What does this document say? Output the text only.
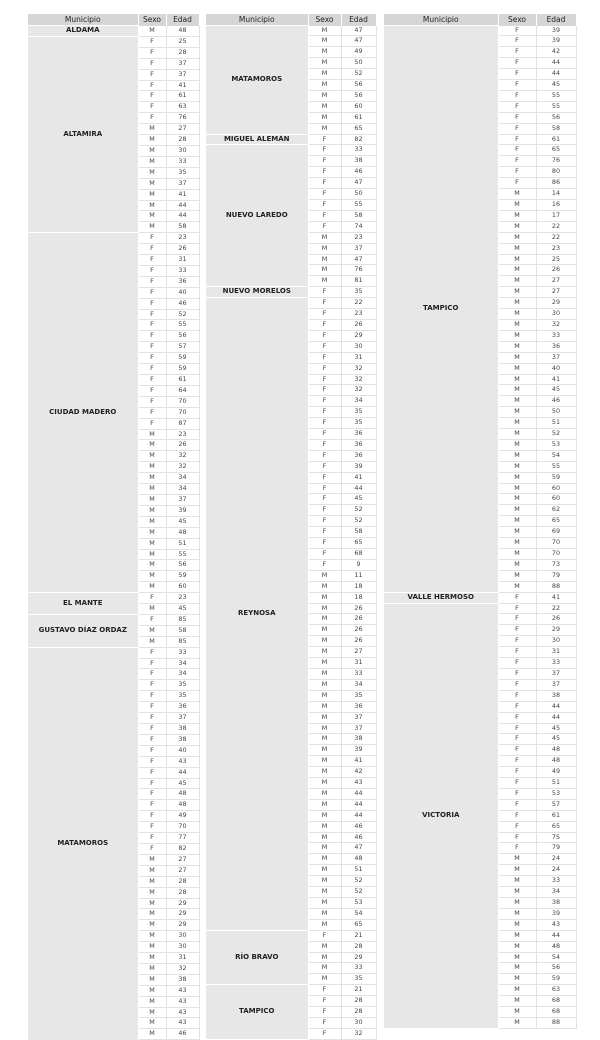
Municipio	Sexo	Edad
ALDAMA	M	48
ALTAMIRA	F	25
	F	28
	F	37
	F	37
	F	41
	F	61
	F	63
	F	76
	M	27
	M	28
	M	30
	M	33
	M	35
	M	37
	M	41
	M	44
	M	44
	M	58
CIUDAD MADERO	F	23
	F	26
	F	31
	F	33
	F	36
	F	40
	F	46
	F	52
	F	55
	F	56
	F	57
	F	59
	F	59
	F	61
	F	64
	F	70
	F	70
	F	87
	M	23
	M	26
	M	32
	M	32
	M	34
	M	34
	M	37
	M	39
	M	45
	M	48
	M	51
	M	55
	M	56
	M	59
	M	60
EL MANTE	F	23
	M	45
GUSTAVO DÍAZ ORDAZ	F	85
	M	58
	M	85
MATAMOROS	F	33
	F	34
	F	34
	F	35
	F	35
	F	36
	F	37
	F	38
	F	38
	F	40
	F	43
	F	44
	F	45
	F	48
	F	48
	F	49
	F	70
	F	77
	F	82
	M	27
	M	27
	M	28
	M	28
	M	29
	M	29
	M	29
	M	30
	M	30
	M	31
	M	32
	M	38
	M	43
	M	43
	M	43
	M	43
	M	46
Municipio	Sexo	Edad
MATAMOROS	M	47
	M	47
	M	49
	M	50
	M	52
	M	56
	M	56
	M	60
	M	61
	M	65
MIGUEL ALEMÁN	F	82
NUEVO LAREDO	F	33
	F	38
	F	46
	F	47
	F	50
	F	55
	F	58
	F	74
	M	23
	M	37
	M	47
	M	76
	M	81
NUEVO MORELOS	F	35
REYNOSA	F	22
	F	23
	F	26
	F	29
	F	30
	F	31
	F	32
	F	32
	F	32
	F	34
	F	35
	F	35
	F	36
	F	36
	F	36
	F	39
	F	41
	F	44
	F	45
	F	52
	F	52
	F	58
	F	65
	F	68
	F	9
	M	11
	M	18
	M	18
	M	26
	M	26
	M	26
	M	26
	M	27
	M	31
	M	33
	M	34
	M	35
	M	36
	M	37
	M	37
	M	38
	M	39
	M	41
	M	42
	M	43
	M	44
	M	44
	M	44
	M	46
	M	46
	M	47
	M	48
	M	51
	M	52
	M	52
	M	53
	M	54
	M	65
RÍO BRAVO	F	21
	M	28
	M	29
	M	33
	M	35
TAMPICO	F	21
	F	28
	F	28
	F	30
	F	32
Municipio	Sexo	Edad
TAMPICO	F	39
	F	39
	F	42
	F	44
	F	44
	F	45
	F	55
	F	55
	F	56
	F	58
	F	61
	F	65
	F	76
	F	80
	F	86
	M	14
	M	16
	M	17
	M	22
	M	22
	M	23
	M	25
	M	26
	M	27
	M	27
	M	29
	M	30
	M	32
	M	33
	M	36
	M	37
	M	40
	M	41
	M	45
	M	46
	M	50
	M	51
	M	52
	M	53
	M	54
	M	55
	M	59
	M	60
	M	60
	M	62
	M	65
	M	69
	M	70
	M	70
	M	73
	M	79
	M	88
VALLE HERMOSO	F	41
VICTORIA	F	22
	F	26
	F	29
	F	30
	F	31
	F	33
	F	37
	F	37
	F	38
	F	44
	F	44
	F	45
	F	45
	F	48
	F	48
	F	49
	F	51
	F	53
	F	57
	F	61
	F	65
	F	75
	F	79
	M	24
	M	24
	M	33
	M	34
	M	38
	M	39
	M	43
	M	44
	M	48
	M	54
	M	56
	M	59
	M	63
	M	68
	M	68
	M	88
